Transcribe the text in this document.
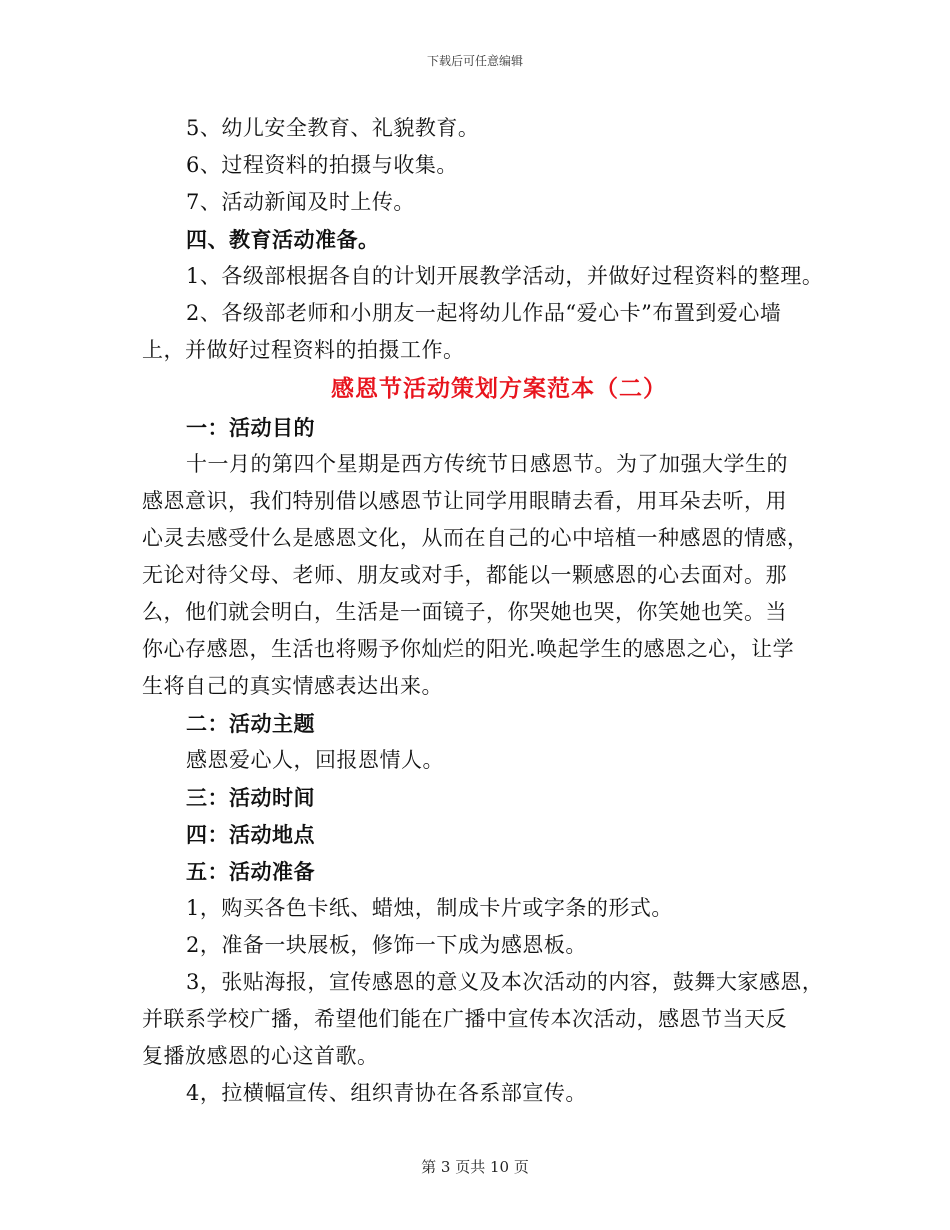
下载后可任意编辑
5、幼儿安全教育、礼貌教育。
6、过程资料的拍摄与收集。
7、活动新闻及时上传。
四、教育活动准备。
1、各级部根据各自的计划开展教学活动，并做好过程资料的整理。
2、各级部老师和小朋友一起将幼儿作品“爱心卡”布置到爱心墙
上，并做好过程资料的拍摄工作。
感恩节活动策划方案范本（二）
一：活动目的
十一月的第四个星期是西方传统节日感恩节。为了加强大学生的
感恩意识，我们特别借以感恩节让同学用眼睛去看，用耳朵去听，用
心灵去感受什么是感恩文化，从而在自己的心中培植一种感恩的情感，
无论对待父母、老师、朋友或对手，都能以一颗感恩的心去面对。那
么，他们就会明白，生活是一面镜子，你哭她也哭，你笑她也笑。当
你心存感恩，生活也将赐予你灿烂的阳光.唤起学生的感恩之心，让学
生将自己的真实情感表达出来。
二：活动主题
感恩爱心人，回报恩情人。
三：活动时间
四：活动地点
五：活动准备
1，购买各色卡纸、蜡烛，制成卡片或字条的形式。
2，准备一块展板，修饰一下成为感恩板。
3，张贴海报，宣传感恩的意义及本次活动的内容，鼓舞大家感恩，
并联系学校广播，希望他们能在广播中宣传本次活动，感恩节当天反
复播放感恩的心这首歌。
4，拉横幅宣传、组织青协在各系部宣传。
第 3 页共 10 页
